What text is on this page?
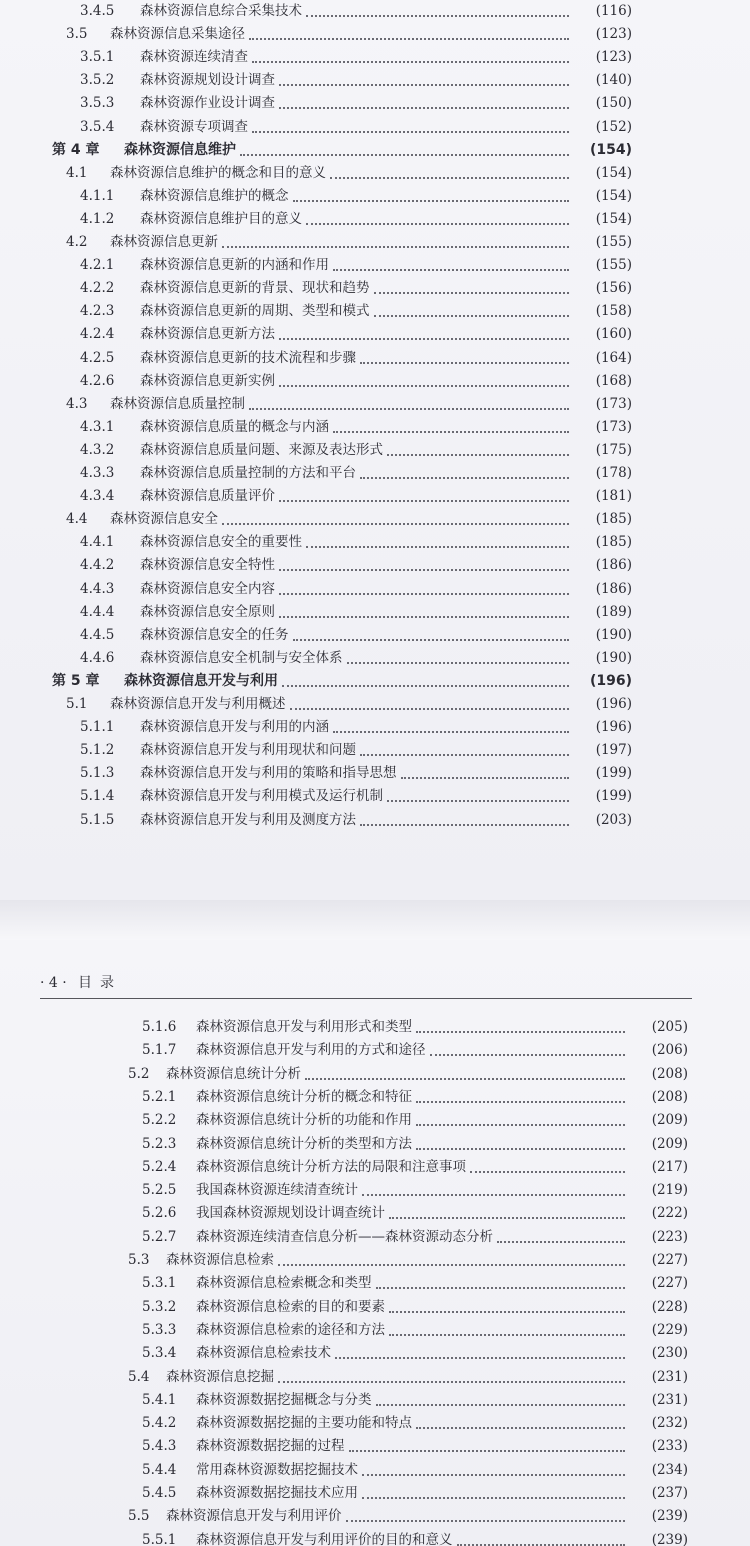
3.4.5 森林资源信息综合采集技术	(116)
3.5 森林资源信息采集途径	(123)
3.5.1 森林资源连续清查	(123)
3.5.2 森林资源规划设计调查	(140)
3.5.3 森林资源作业设计调查	(150)
3.5.4 森林资源专项调查	(152)
第 4 章 森林资源信息维护	(154)
4.1 森林资源信息维护的概念和目的意义	(154)
4.1.1 森林资源信息维护的概念	(154)
4.1.2 森林资源信息维护目的意义	(154)
4.2 森林资源信息更新	(155)
4.2.1 森林资源信息更新的内涵和作用	(155)
4.2.2 森林资源信息更新的背景、现状和趋势	(156)
4.2.3 森林资源信息更新的周期、类型和模式	(158)
4.2.4 森林资源信息更新方法	(160)
4.2.5 森林资源信息更新的技术流程和步骤	(164)
4.2.6 森林资源信息更新实例	(168)
4.3 森林资源信息质量控制	(173)
4.3.1 森林资源信息质量的概念与内涵	(173)
4.3.2 森林资源信息质量问题、来源及表达形式	(175)
4.3.3 森林资源信息质量控制的方法和平台	(178)
4.3.4 森林资源信息质量评价	(181)
4.4 森林资源信息安全	(185)
4.4.1 森林资源信息安全的重要性	(185)
4.4.2 森林资源信息安全特性	(186)
4.4.3 森林资源信息安全内容	(186)
4.4.4 森林资源信息安全原则	(189)
4.4.5 森林资源信息安全的任务	(190)
4.4.6 森林资源信息安全机制与安全体系	(190)
第 5 章 森林资源信息开发与利用	(196)
5.1 森林资源信息开发与利用概述	(196)
5.1.1 森林资源信息开发与利用的内涵	(196)
5.1.2 森林资源信息开发与利用现状和问题	(197)
5.1.3 森林资源信息开发与利用的策略和指导思想	(199)
5.1.4 森林资源信息开发与利用模式及运行机制	(199)
5.1.5 森林资源信息开发与利用及测度方法	(203)
· 4 · 目录
5.1.6 森林资源信息开发与利用形式和类型	(205)
5.1.7 森林资源信息开发与利用的方式和途径	(206)
5.2 森林资源信息统计分析	(208)
5.2.1 森林资源信息统计分析的概念和特征	(208)
5.2.2 森林资源信息统计分析的功能和作用	(209)
5.2.3 森林资源信息统计分析的类型和方法	(209)
5.2.4 森林资源信息统计分析方法的局限和注意事项	(217)
5.2.5 我国森林资源连续清查统计	(219)
5.2.6 我国森林资源规划设计调查统计	(222)
5.2.7 森林资源连续清查信息分析——森林资源动态分析	(223)
5.3 森林资源信息检索	(227)
5.3.1 森林资源信息检索概念和类型	(227)
5.3.2 森林资源信息检索的目的和要素	(228)
5.3.3 森林资源信息检索的途径和方法	(229)
5.3.4 森林资源信息检索技术	(230)
5.4 森林资源信息挖掘	(231)
5.4.1 森林资源数据挖掘概念与分类	(231)
5.4.2 森林资源数据挖掘的主要功能和特点	(232)
5.4.3 森林资源数据挖掘的过程	(233)
5.4.4 常用森林资源数据挖掘技术	(234)
5.4.5 森林资源数据挖掘技术应用	(237)
5.5 森林资源信息开发与利用评价	(239)
5.5.1 森林资源信息开发与利用评价的目的和意义	(239)
